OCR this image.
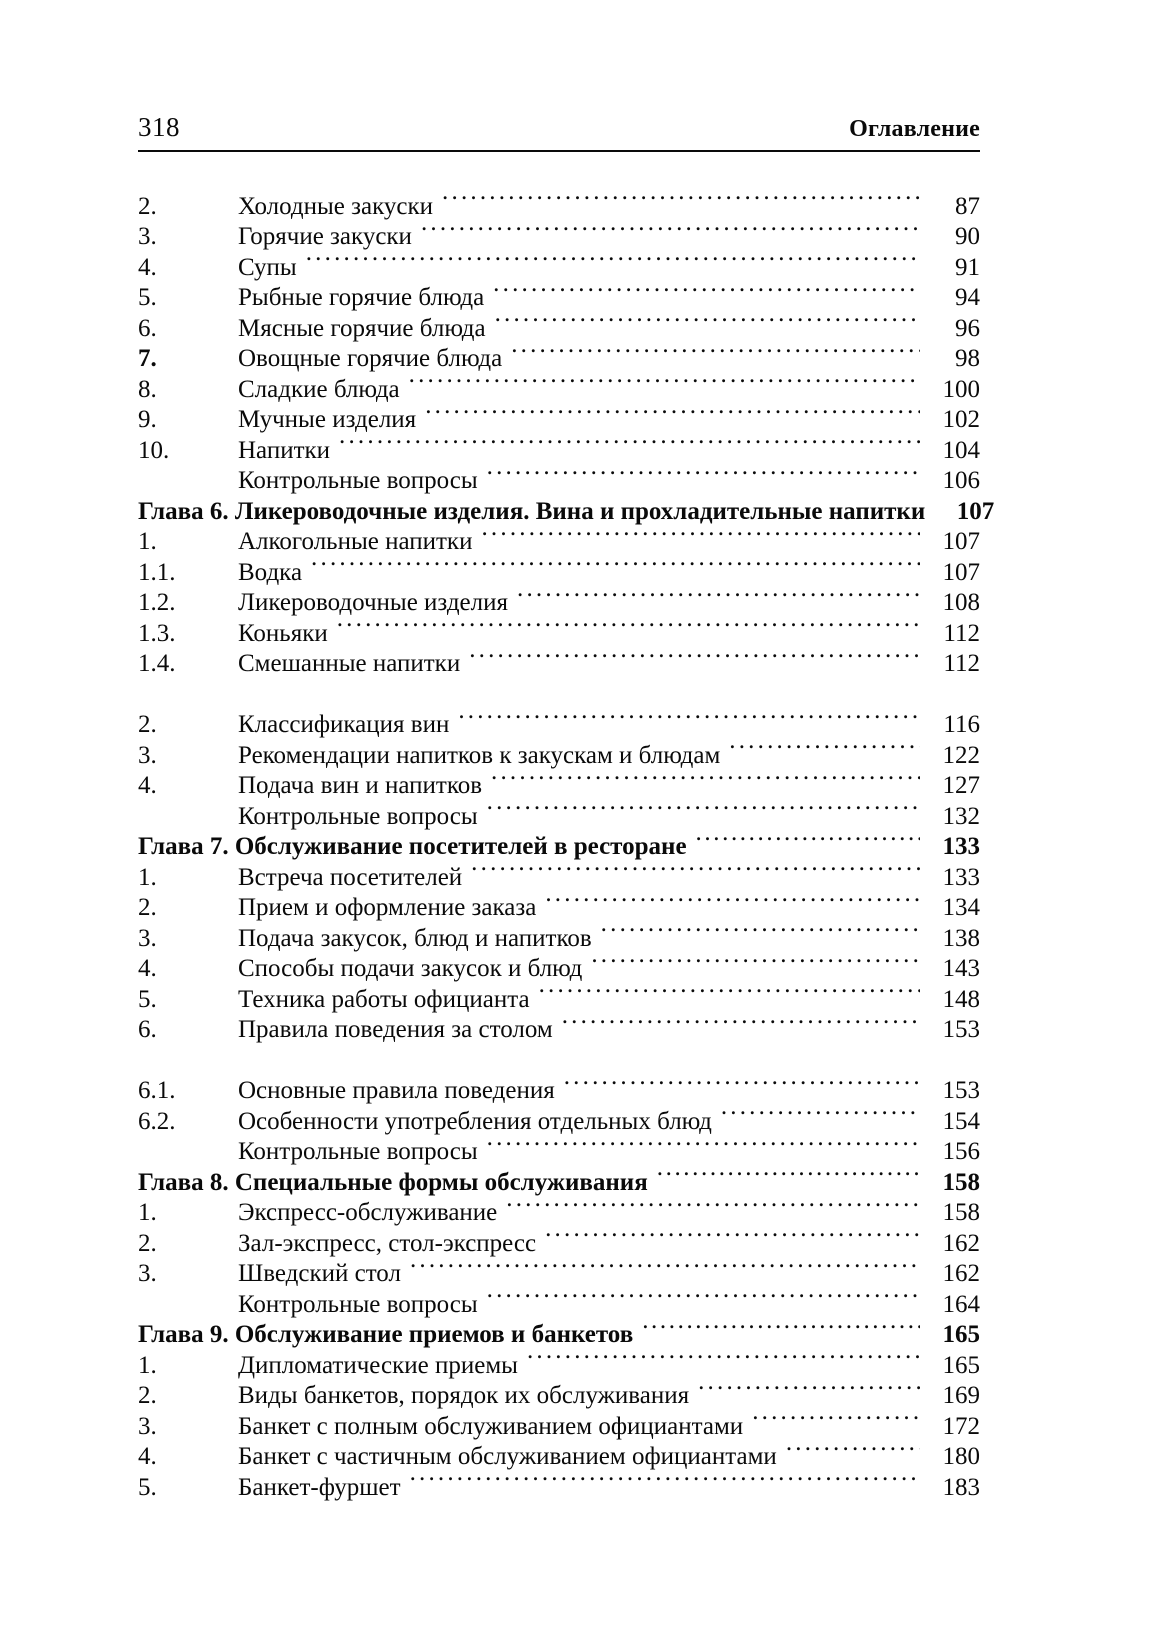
318	Оглавление
2.	Холодные закуски .....	87
3.	Горячие закуски .....	90
4.	Супы .....	91
5.	Рыбные горячие блюда .....	94
6.	Мясные горячие блюда .....	96
7.	Овощные горячие блюда .....	98
8.	Сладкие блюда .....	100
9.	Мучные изделия .....	102
10.	Напитки .....	104
Контрольные вопросы .....	106
Глава 6. Ликероводочные изделия. Вина и прохладительные напитки	107
1.	Алкогольные напитки .....	107
1.1.	Водка .....	107
1.2.	Ликероводочные изделия .....	108
1.3.	Коньяки .....	112
1.4.	Смешанные напитки .....	112
2.	Классификация вин .....	116
3.	Рекомендации напитков к закускам и блюдам .....	122
4.	Подача вин и напитков .....	127
Контрольные вопросы .....	132
Глава 7. Обслуживание посетителей в ресторане .....	133
1.	Встреча посетителей .....	133
2.	Прием и оформление заказа .....	134
3.	Подача закусок, блюд и напитков .....	138
4.	Способы подачи закусок и блюд .....	143
5.	Техника работы официанта .....	148
6.	Правила поведения за столом .....	153
6.1.	Основные правила поведения .....	153
6.2.	Особенности употребления отдельных блюд .....	154
Контрольные вопросы .....	156
Глава 8. Специальные формы обслуживания .....	158
1.	Экспресс-обслуживание .....	158
2.	Зал-экспресс, стол-экспресс .....	162
3.	Шведский стол .....	162
Контрольные вопросы .....	164
Глава 9. Обслуживание приемов и банкетов .....	165
1.	Дипломатические приемы .....	165
2.	Виды банкетов, порядок их обслуживания .....	169
3.	Банкет с полным обслуживанием официантами .....	172
4.	Банкет с частичным обслуживанием официантами .....	180
5.	Банкет-фуршет .....	183
